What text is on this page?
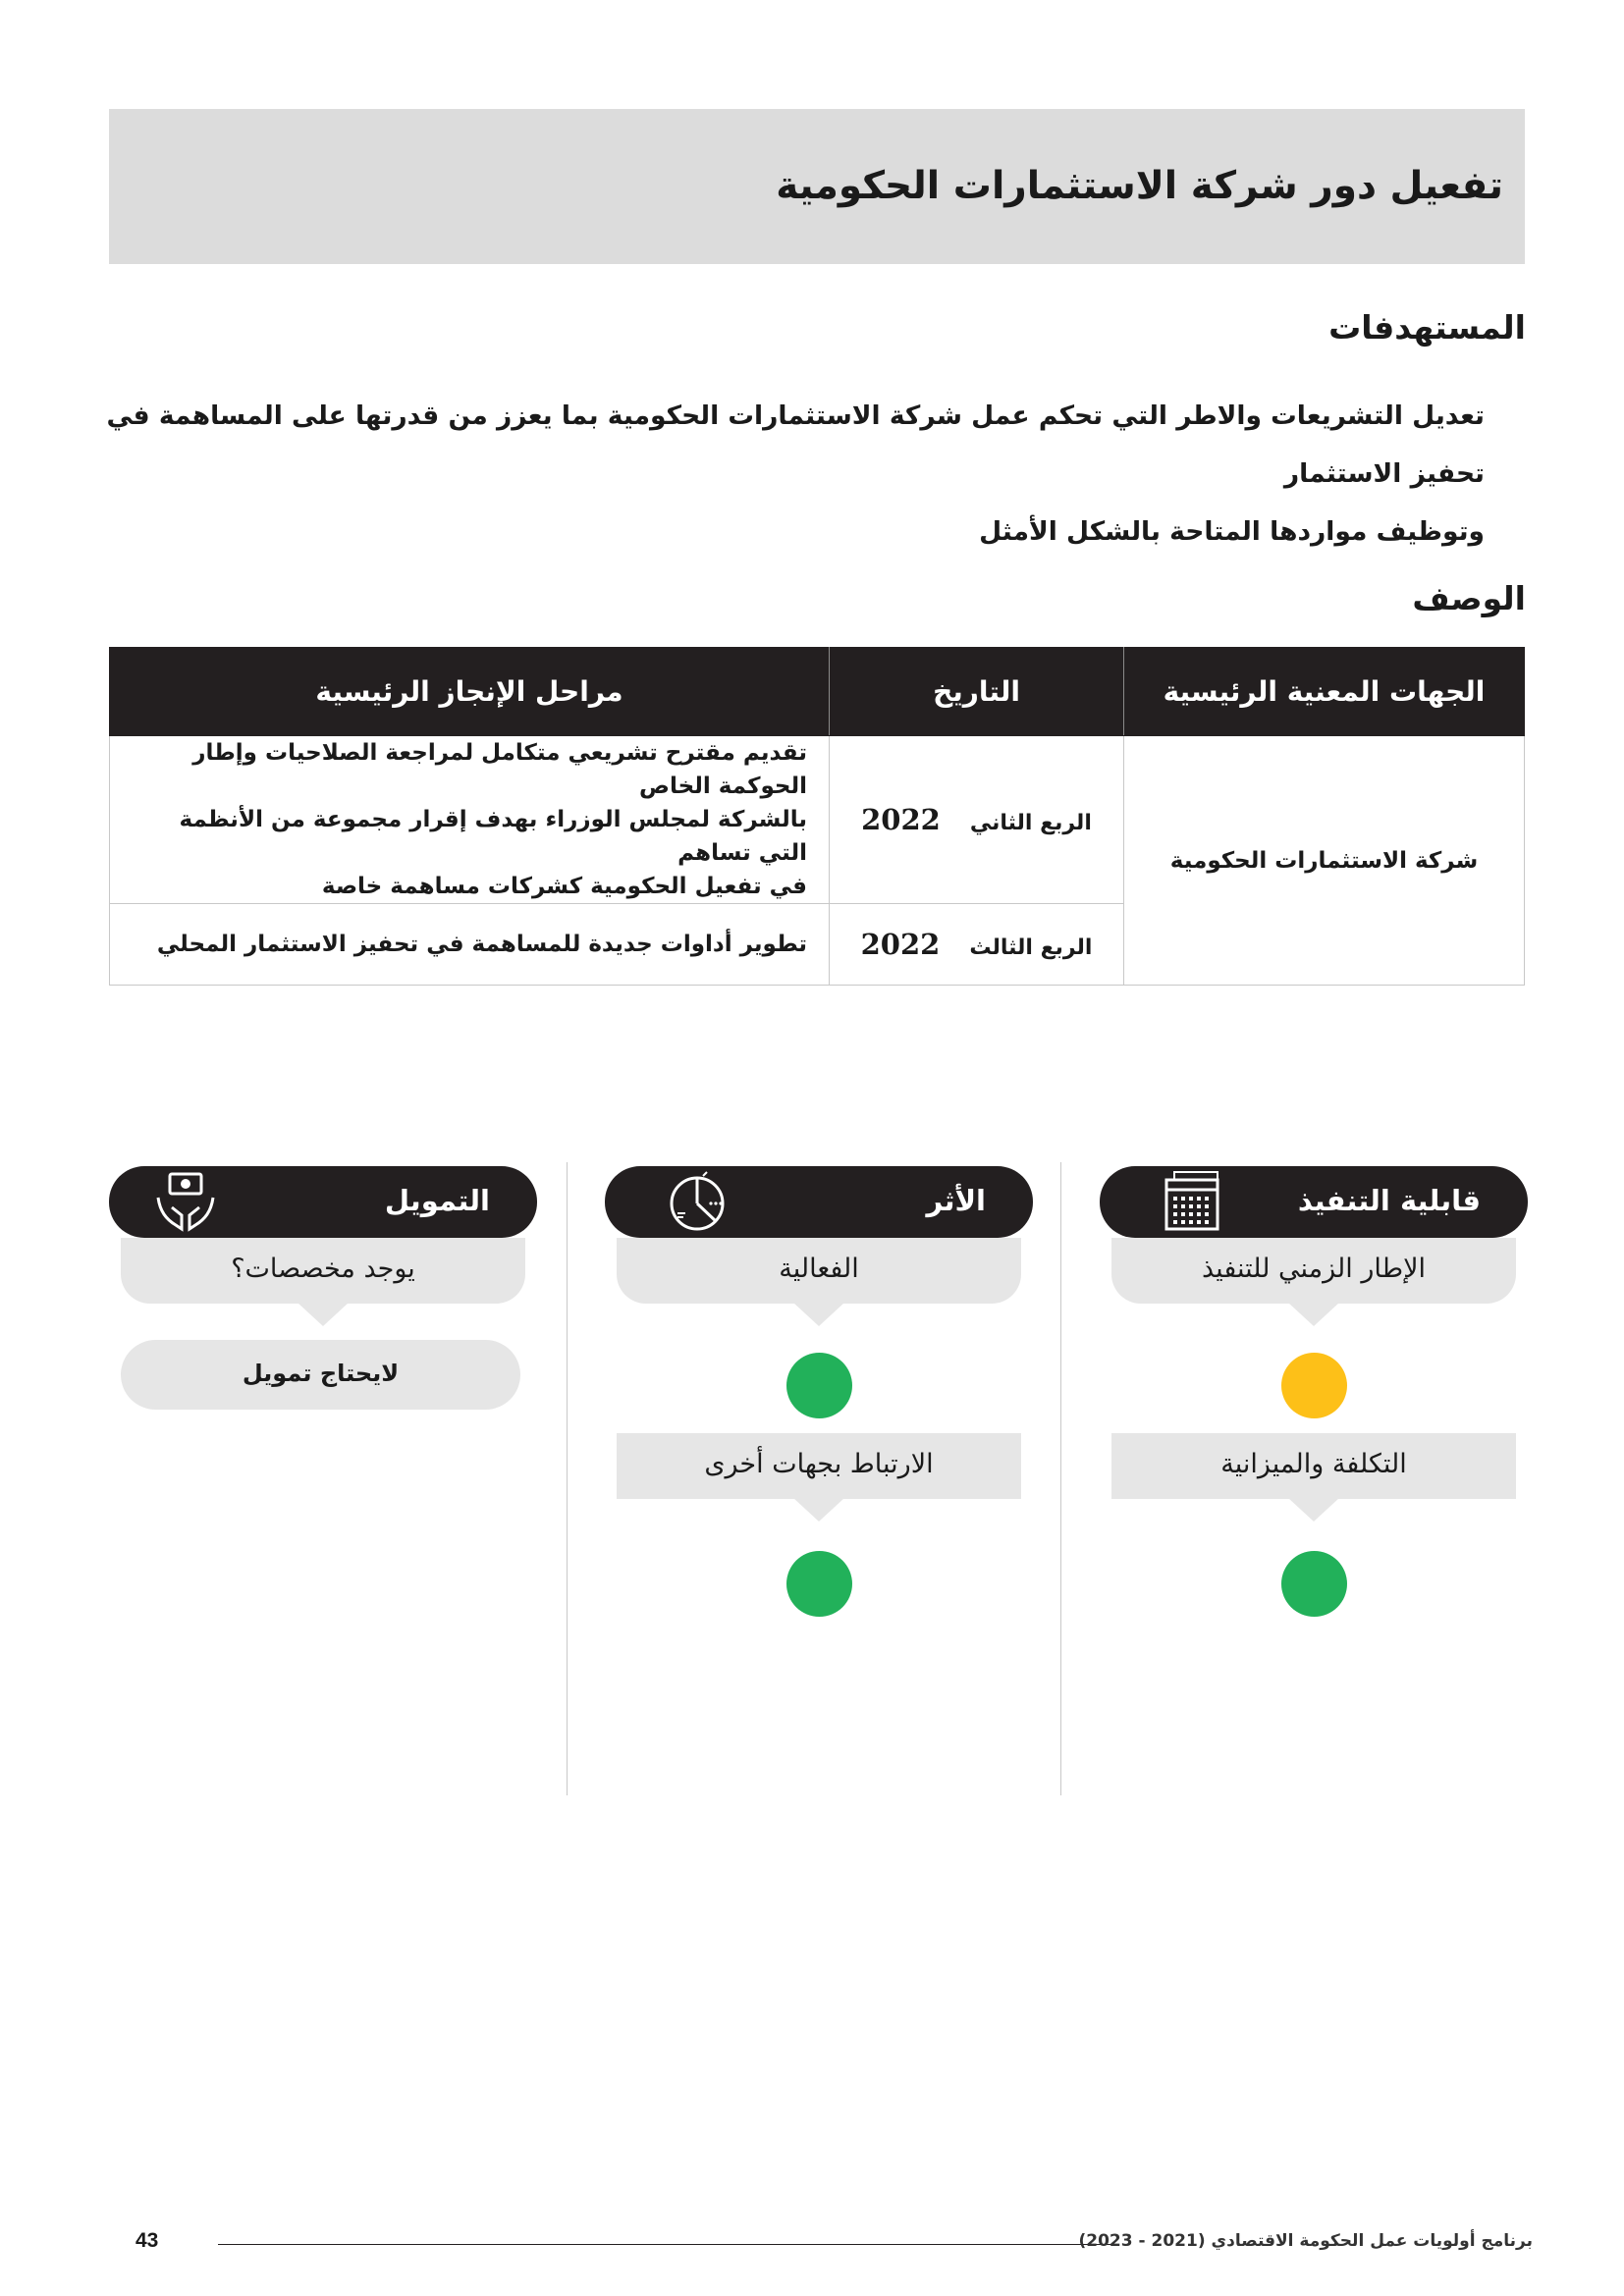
تفعيل دور شركة الاستثمارات الحكومية
المستهدفات
تعديل التشريعات والاطر التي تحكم عمل شركة الاستثمارات الحكومية بما يعزز من قدرتها على المساهمة في تحفيز الاستثمار
وتوظيف مواردها المتاحة بالشكل الأمثل
الوصف
الجهات المعنية الرئيسية	التاريخ	مراحل الإنجاز الرئيسية
شركة الاستثمارات الحكومية	الربع الثاني 2022	تقديم مقترح تشريعي متكامل لمراجعة الصلاحيات وإطار الحوكمة الخاص
بالشركة لمجلس الوزراء بهدف إقرار مجموعة من الأنظمة التي تساهم
في تفعيل الحكومية كشركات مساهمة خاصة

	الربع الثالث 2022	تطوير أداوات جديدة للمساهمة في تحفيز الاستثمار المحلي
قابلية التنفيذ
الإطار الزمني للتنفيذ
التكلفة والميزانية
الأثر
الفعالية
الارتباط بجهات أخرى
التمويل
يوجد مخصصات؟
لايحتاج تمويل
43	برنامج أولويات عمل الحكومة الاقتصادي (2021 - 2023)
